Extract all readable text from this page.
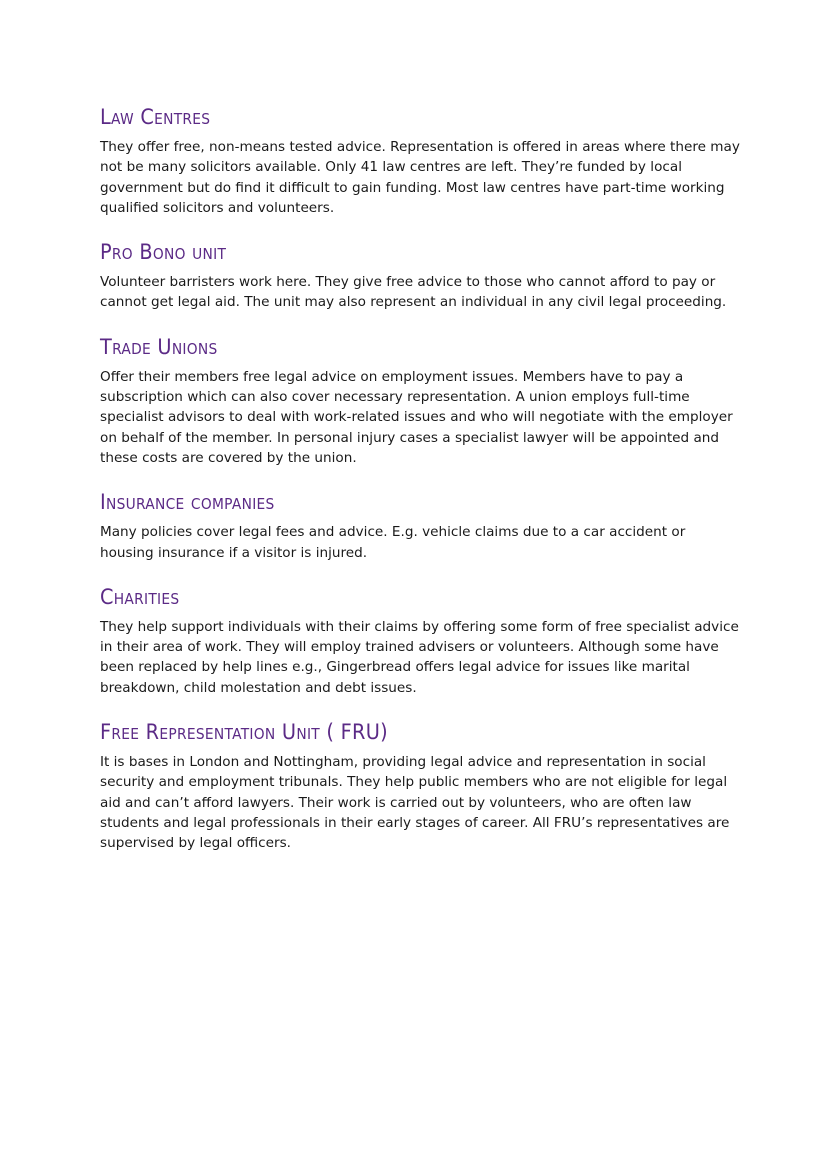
Law Centres

They offer free, non-means tested advice. Representation is offered in areas where there may not be many solicitors available. Only 41 law centres are left. They’re funded by local government but do find it difficult to gain funding. Most law centres have part-time working qualified solicitors and volunteers.

Pro Bono unit

Volunteer barristers work here. They give free advice to those who cannot afford to pay or cannot get legal aid. The unit may also represent an individual in any civil legal proceeding.

Trade Unions

Offer their members free legal advice on employment issues. Members have to pay a subscription which can also cover necessary representation. A union employs full-time specialist advisors to deal with work-related issues and who will negotiate with the employer on behalf of the member. In personal injury cases a specialist lawyer will be appointed and these costs are covered by the union.

Insurance companies

Many policies cover legal fees and advice. E.g. vehicle claims due to a car accident or housing insurance if a visitor is injured.

Charities

They help support individuals with their claims by offering some form of free specialist advice in their area of work. They will employ trained advisers or volunteers. Although some have been replaced by help lines e.g., Gingerbread offers legal advice for issues like marital breakdown, child molestation and debt issues.

Free Representation Unit ( FRU)

It is bases in London and Nottingham, providing legal advice and representation in social security and employment tribunals. They help public members who are not eligible for legal aid and can’t afford lawyers. Their work is carried out by volunteers, who are often law students and legal professionals in their early stages of career. All FRU’s representatives are supervised by legal officers.
